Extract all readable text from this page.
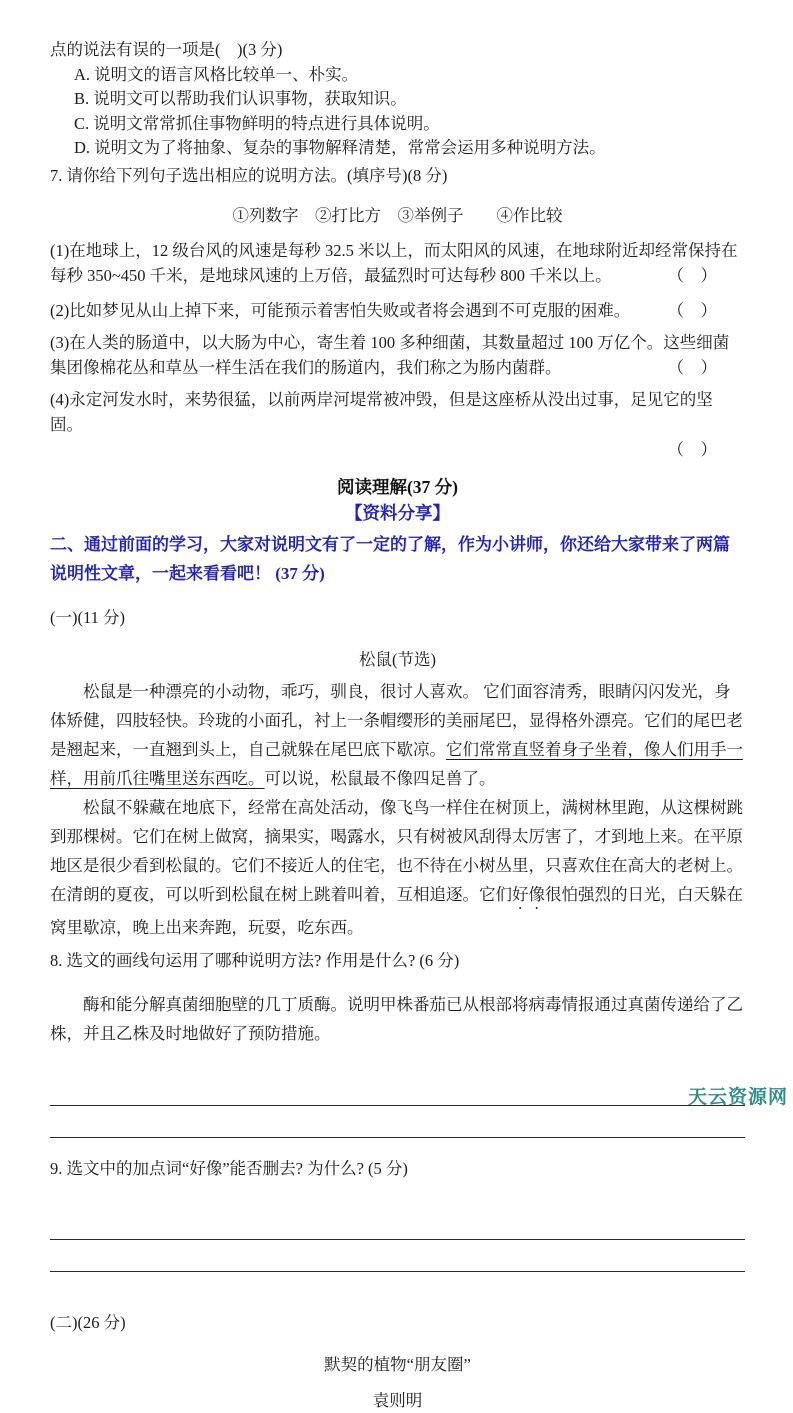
点的说法有误的一项是(    )(3 分)

A. 说明文的语言风格比较单一、朴实。

B. 说明文可以帮助我们认识事物，获取知识。

C. 说明文常常抓住事物鲜明的特点进行具体说明。

D. 说明文为了将抽象、复杂的事物解释清楚，常常会运用多种说明方法。

7. 请你给下列句子选出相应的说明方法。(填序号)(8 分)

①列数字　②打比方　③举例子　　④作比较

(1)在地球上，12 级台风的风速是每秒 32.5 米以上，而太阳风的风速，在地球附近却经常保持在每秒 350~450 千米，是地球风速的上万倍，最猛烈时可达每秒 800 千米以上。	（　）
(2)比如梦见从山上掉下来，可能预示着害怕失败或者将会遇到不可克服的困难。 （　）
(3)在人类的肠道中，以大肠为中心，寄生着 100 多种细菌，其数量超过 100 万亿个。这些细菌集团像棉花丛和草丛一样生活在我们的肠道内，我们称之为肠内菌群。	（　）
(4)永定河发水时，来势很猛，以前两岸河堤常被冲毁，但是这座桥从没出过事，足见它的坚固。
（　）
阅读理解(37 分)
【资料分享】

二、通过前面的学习，大家对说明文有了一定的了解，作为小讲师，你还给大家带来了两篇说明性文章，一起来看看吧！ (37 分)

(一)(11 分)

松鼠(节选)

松鼠是一种漂亮的小动物，乖巧，驯良，很讨人喜欢。 它们面容清秀，眼睛闪闪发光，身体矫健，四肢轻快。玲珑的小面孔，衬上一条帽缨形的美丽尾巴，显得格外漂亮。它们的尾巴老是翘起来，一直翘到头上，自己就躲在尾巴底下歇凉。它们常常直竖着身子坐着，像人们用手一样，用前爪往嘴里送东西吃。可以说，松鼠最不像四足兽了。

松鼠不躲藏在地底下，经常在高处活动，像飞鸟一样住在树顶上，满树林里跑，从这棵树跳到那棵树。它们在树上做窝，摘果实，喝露水，只有树被风刮得太厉害了，才到地上来。在平原地区是很少看到松鼠的。它们不接近人的住宅，也不待在小树丛里，只喜欢住在高大的老树上。在清朗的夏夜，可以听到松鼠在树上跳着叫着，互相追逐。它们好像很怕强烈的日光，白天躲在窝里歇凉，晚上出来奔跑，玩耍，吃东西。

8. 选文的画线句运用了哪种说明方法? 作用是什么? (6 分)

酶和能分解真菌细胞壁的几丁质酶。说明甲株番茄已从根部将病毒情报通过真菌传递给了乙株，并且乙株及时地做好了预防措施。

9. 选文中的加点词“好像”能否删去? 为什么? (5 分)

(二)(26 分)

默契的植物“朋友圈”
袁则明
天云资源网
